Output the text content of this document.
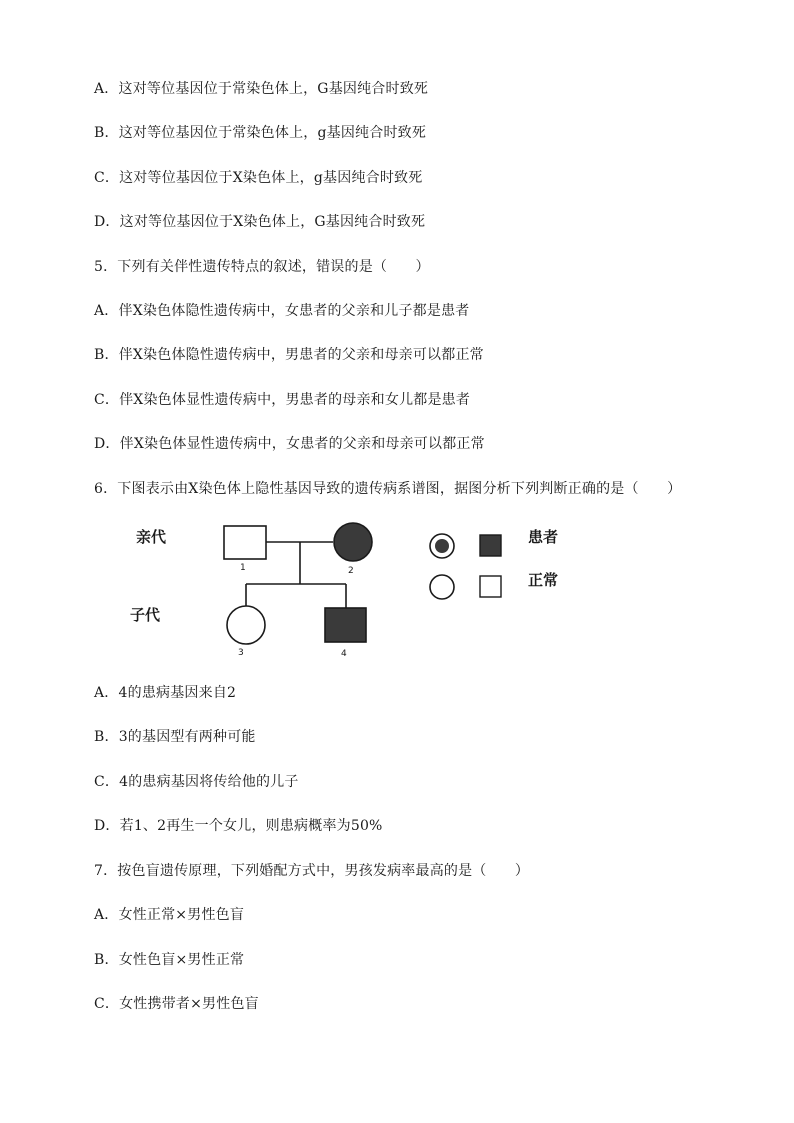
A．这对等位基因位于常染色体上，G基因纯合时致死
B．这对等位基因位于常染色体上，g基因纯合时致死
C．这对等位基因位于X染色体上，g基因纯合时致死
D．这对等位基因位于X染色体上，G基因纯合时致死
5．下列有关伴性遗传特点的叙述，错误的是（　　）
A．伴X染色体隐性遗传病中，女患者的父亲和儿子都是患者
B．伴X染色体隐性遗传病中，男患者的父亲和母亲可以都正常
C．伴X染色体显性遗传病中，男患者的母亲和女儿都是患者
D．伴X染色体显性遗传病中，女患者的父亲和母亲可以都正常
6．下图表示由X染色体上隐性基因导致的遗传病系谱图，据图分析下列判断正确的是（　　）
亲代
子代
1	2
3	4
患者
正常
A．4的患病基因来自2
B．3的基因型有两种可能
C．4的患病基因将传给他的儿子
D．若1、2再生一个女儿，则患病概率为50%
7．按色盲遗传原理，下列婚配方式中，男孩发病率最高的是（　　）
A．女性正常×男性色盲
B．女性色盲×男性正常
C．女性携带者×男性色盲
